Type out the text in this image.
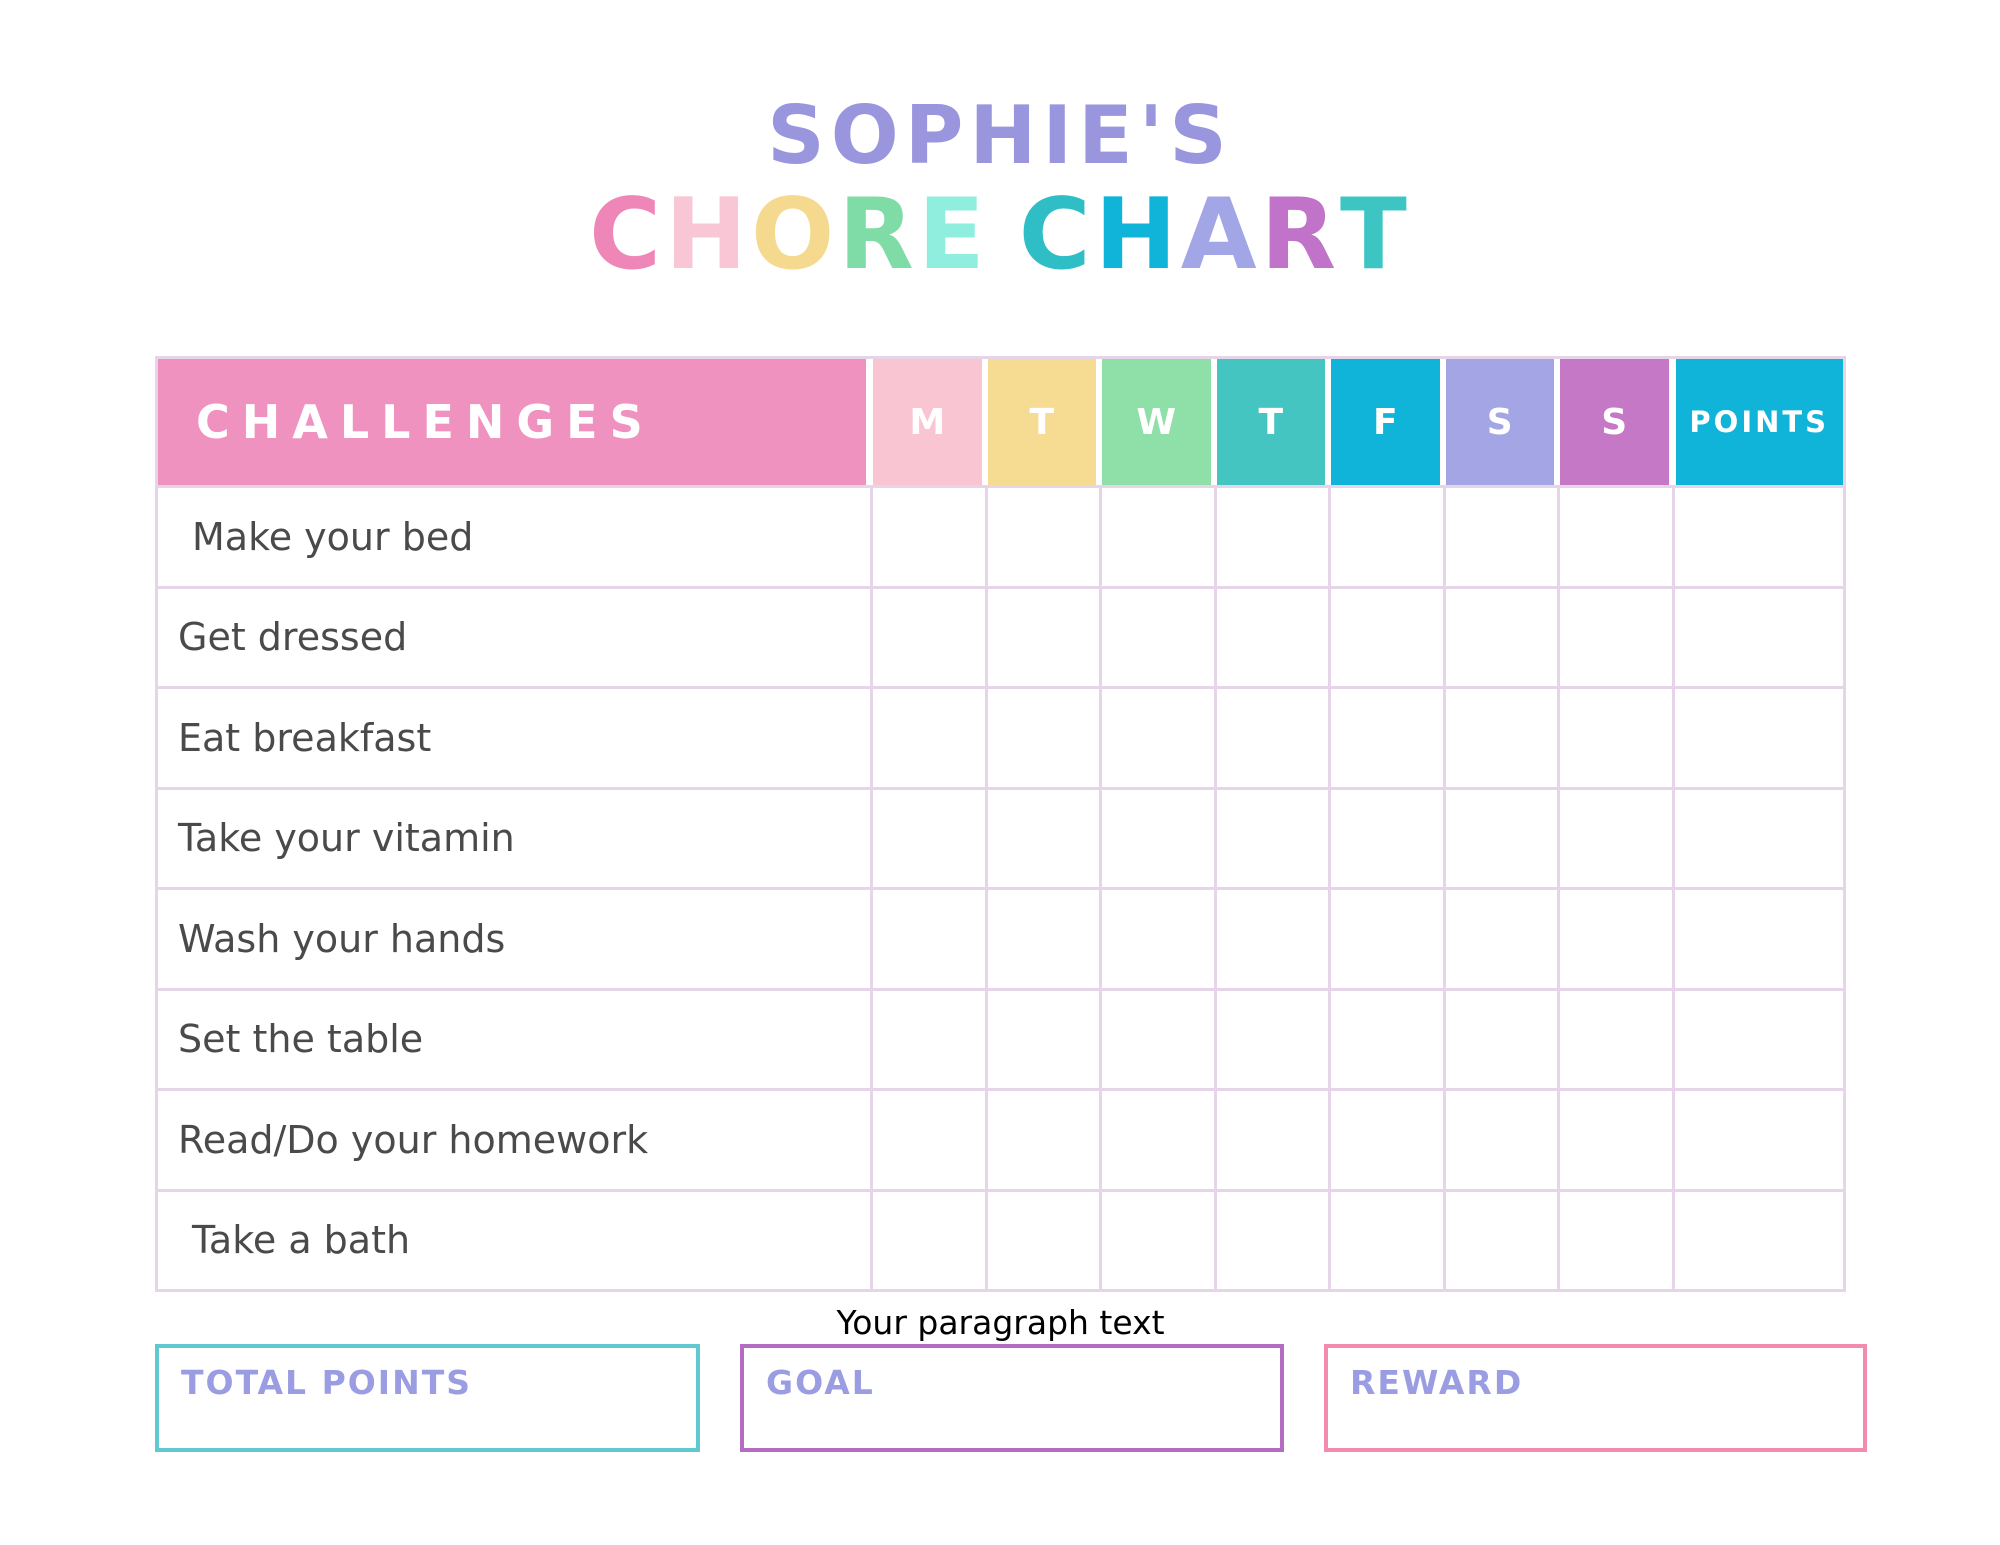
SOPHIE'S
CHORE CHART
CHALLENGES	M T W T F S S POINTS
Make your bed
Get dressed
Eat breakfast
Take your vitamin
Wash your hands
Set the table
Read/Do your homework
Take a bath
Your paragraph text
TOTAL POINTS	GOAL	REWARD
